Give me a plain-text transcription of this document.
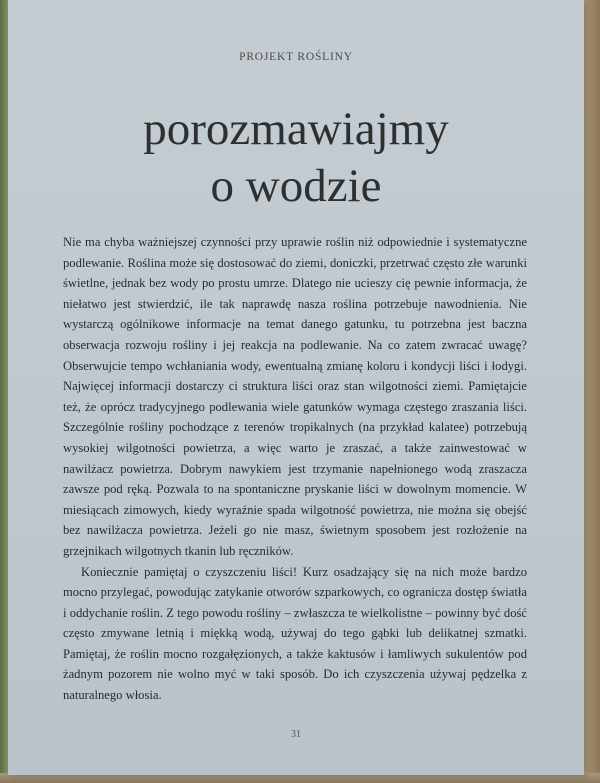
PROJEKT ROŚLINY
porozmawiajmy
o wodzie

Nie ma chyba ważniejszej czynności przy uprawie roślin niż odpowiednie i systematyczne podlewanie. Roślina może się dostosować do ziemi, doniczki, przetrwać często złe warunki świetlne, jednak bez wody po prostu umrze. Dlatego nie ucieszy cię pewnie informacja, że niełatwo jest stwierdzić, ile tak naprawdę nasza roślina potrzebuje nawodnienia. Nie wystarczą ogólnikowe informacje na temat danego gatunku, tu potrzebna jest baczna obserwacja rozwoju rośliny i jej reakcja na podlewanie. Na co zatem zwracać uwagę? Obserwujcie tempo wchłaniania wody, ewentualną zmianę koloru i kondycji liści i łodygi. Najwięcej informacji dostarczy ci struktura liści oraz stan wilgotności ziemi. Pamiętajcie też, że oprócz tradycyjnego podlewania wiele gatunków wymaga częstego zraszania liści. Szczególnie rośliny pochodzące z terenów tropikalnych (na przykład kalatee) potrzebują wysokiej wilgotności powietrza, a więc warto je zraszać, a także zainwestować w nawilżacz powietrza. Dobrym nawykiem jest trzymanie napełnionego wodą zraszacza zawsze pod ręką. Pozwala to na spontaniczne pryskanie liści w dowolnym momencie. W miesiącach zimowych, kiedy wyraźnie spada wilgotność powietrza, nie można się obejść bez nawilżacza powietrza. Jeżeli go nie masz, świetnym sposobem jest rozłożenie na grzejnikach wilgotnych tkanin lub ręczników.

Koniecznie pamiętaj o czyszczeniu liści! Kurz osadzający się na nich może bardzo mocno przylegać, powodując zatykanie otworów szparkowych, co ogranicza dostęp światła i oddychanie roślin. Z tego powodu rośliny – zwłaszcza te wielkolistne – powinny być dość często zmywane letnią i miękką wodą, używaj do tego gąbki lub delikatnej szmatki. Pamiętaj, że roślin mocno rozgałęzionych, a także kaktusów i łamliwych sukulentów pod żadnym pozorem nie wolno myć w taki sposób. Do ich czyszczenia używaj pędzelka z naturalnego włosia.

31
